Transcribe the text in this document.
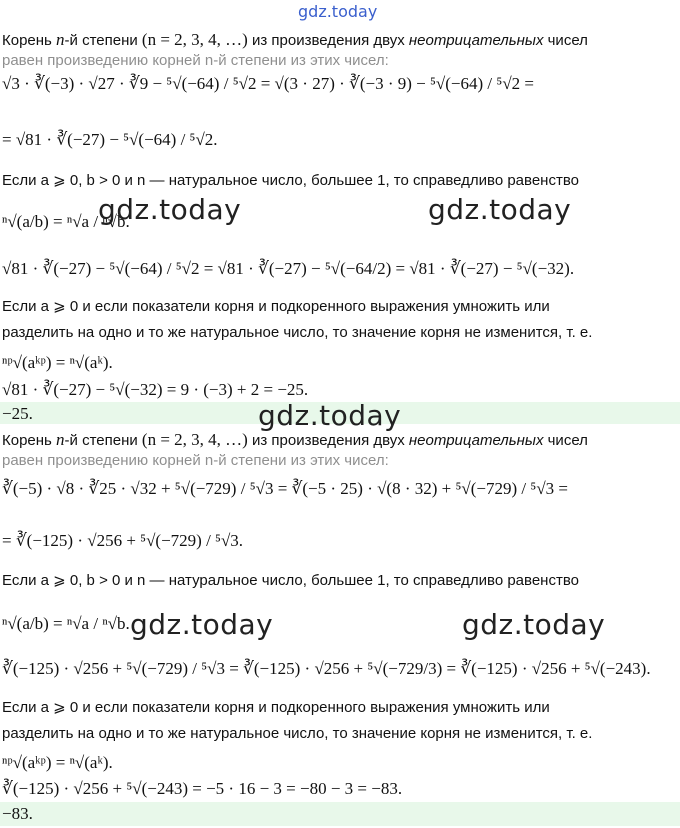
gdz.today
Корень n-й степени (n = 2, 3, 4, …) из произведения двух неотрицательных чисел
равен произведению корней n-й степени из этих чисел:
√3 · ∛(−3) · √27 · ∛9 − ⁵√(−64) / ⁵√2 = √(3 · 27) · ∛(−3 · 9) − ⁵√(−64) / ⁵√2 =
= √81 · ∛(−27) − ⁵√(−64) / ⁵√2.
Если a ⩾ 0, b > 0 и n — натуральное число, большее 1, то справедливо равенство
ⁿ√(a/b) = ⁿ√a / ⁿ√b.
√81 · ∛(−27) − ⁵√(−64) / ⁵√2 = √81 · ∛(−27) − ⁵√(−64/2) = √81 · ∛(−27) − ⁵√(−32).
Если a ⩾ 0 и если показатели корня и подкоренного выражения умножить или
разделить на одно и то же натуральное число, то значение корня не изменится, т. е.
ⁿᵖ√(aᵏᵖ) = ⁿ√(aᵏ).
√81 · ∛(−27) − ⁵√(−32) = 9 · (−3) + 2 = −25.
−25.
Корень n-й степени (n = 2, 3, 4, …) из произведения двух неотрицательных чисел
равен произведению корней n-й степени из этих чисел:
∛(−5) · √8 · ∛25 · √32 + ⁵√(−729) / ⁵√3 = ∛(−5 · 25) · √(8 · 32) + ⁵√(−729) / ⁵√3 =
= ∛(−125) · √256 + ⁵√(−729) / ⁵√3.
Если a ⩾ 0, b > 0 и n — натуральное число, большее 1, то справедливо равенство
ⁿ√(a/b) = ⁿ√a / ⁿ√b.
∛(−125) · √256 + ⁵√(−729) / ⁵√3 = ∛(−125) · √256 + ⁵√(−729/3) = ∛(−125) · √256 + ⁵√(−243).
Если a ⩾ 0 и если показатели корня и подкоренного выражения умножить или
разделить на одно и то же натуральное число, то значение корня не изменится, т. е.
ⁿᵖ√(aᵏᵖ) = ⁿ√(aᵏ).
∛(−125) · √256 + ⁵√(−243) = −5 · 16 − 3 = −80 − 3 = −83.
−83.
gdz.today	gdz.today
gdz.today
gdz.today	gdz.today
